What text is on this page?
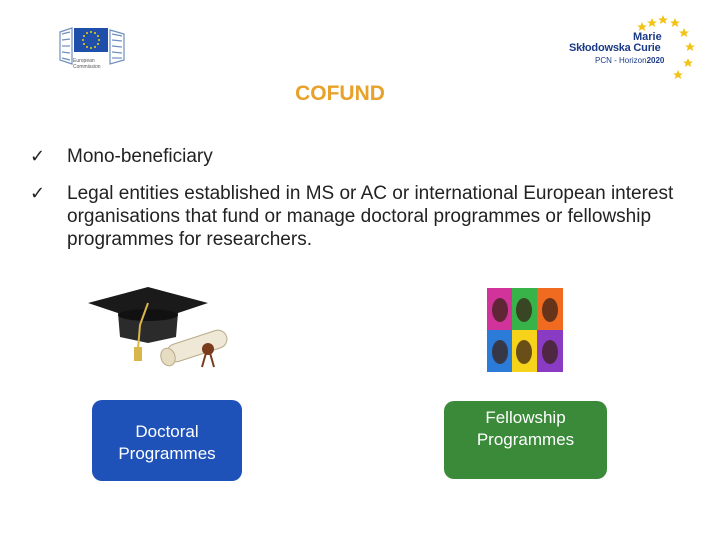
European
Commission
Marie
Skłodowska Curie
PCN - Horizon2020
COFUND
✓ Mono-beneficiary
✓ Legal entities established in MS or AC or international European interest organisations that fund or manage doctoral programmes or fellowship programmes for researchers.
Doctoral
Programmes
Fellowship
Programmes
